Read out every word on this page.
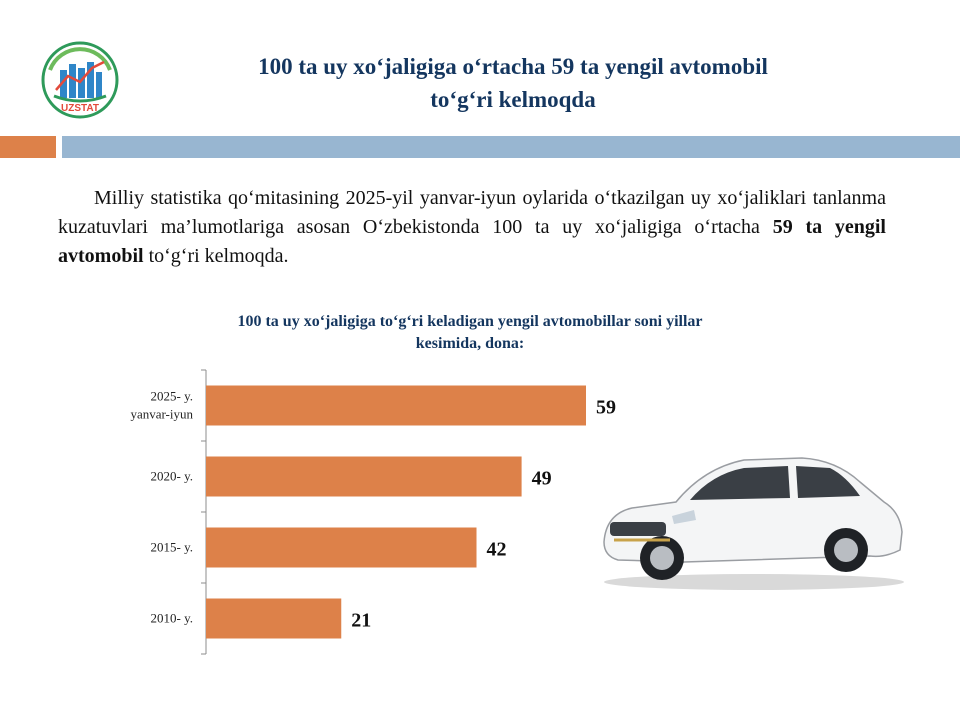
UZSTAT
100 ta uy xo‘jaligiga o‘rtacha 59 ta yengil avtomobil
to‘g‘ri kelmoqda
Milliy statistika qo‘mitasining 2025-yil yanvar-iyun oylarida o‘tkazilgan uy xo‘jaliklari tanlanma kuzatuvlari ma’lumotlariga asosan O‘zbekistonda 100 ta uy xo‘jaligiga o‘rtacha 59 ta yengil avtomobil to‘g‘ri kelmoqda.
100 ta uy xo‘jaligiga to‘g‘ri keladigan yengil avtomobillar soni yillar
kesimida, dona:
59
2025- y.
yanvar-iyun
49
2020- y.
42
2015- y.
21
2010- y.
